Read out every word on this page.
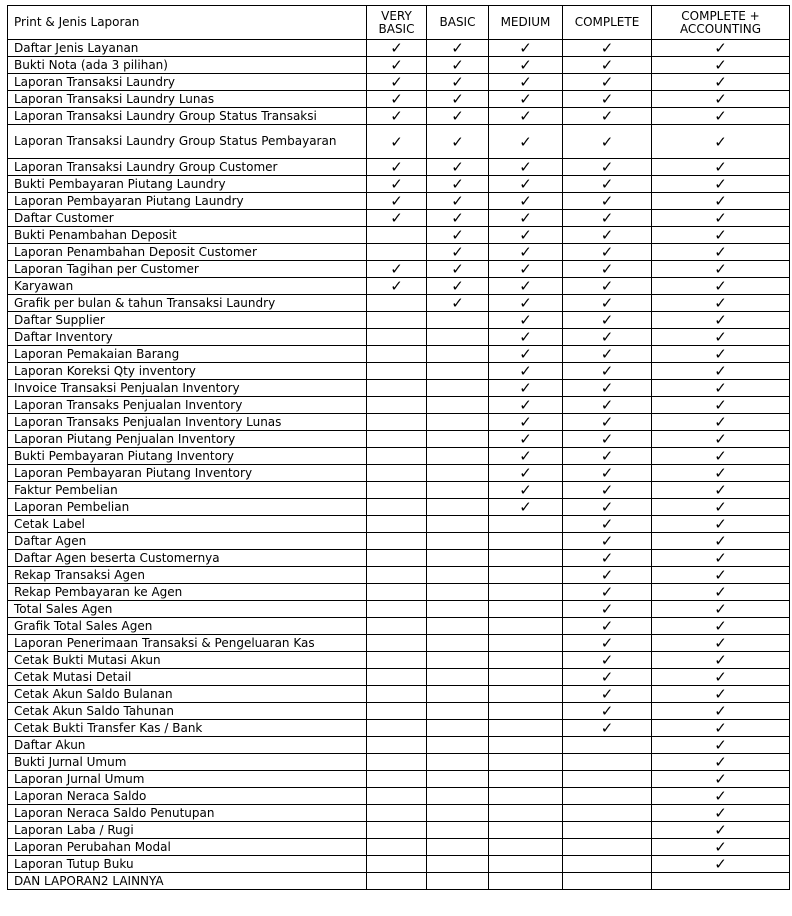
Print & Jenis Laporan	VERY BASIC	BASIC	MEDIUM	COMPLETE	COMPLETE + ACCOUNTING
Daftar Jenis Layanan	✓	✓	✓	✓	✓
Bukti Nota (ada 3 pilihan)	✓	✓	✓	✓	✓
Laporan Transaksi Laundry	✓	✓	✓	✓	✓
Laporan Transaksi Laundry Lunas	✓	✓	✓	✓	✓
Laporan Transaksi Laundry Group Status Transaksi	✓	✓	✓	✓	✓
Laporan Transaksi Laundry Group Status Pembayaran	✓	✓	✓	✓	✓
Laporan Transaksi Laundry Group Customer	✓	✓	✓	✓	✓
Bukti Pembayaran Piutang Laundry	✓	✓	✓	✓	✓
Laporan Pembayaran Piutang Laundry	✓	✓	✓	✓	✓
Daftar Customer	✓	✓	✓	✓	✓
Bukti Penambahan Deposit		✓	✓	✓	✓
Laporan Penambahan Deposit Customer		✓	✓	✓	✓
Laporan Tagihan per Customer	✓	✓	✓	✓	✓
Karyawan	✓	✓	✓	✓	✓
Grafik per bulan & tahun Transaksi Laundry		✓	✓	✓	✓
Daftar Supplier			✓	✓	✓
Daftar Inventory			✓	✓	✓
Laporan Pemakaian Barang			✓	✓	✓
Laporan Koreksi Qty inventory			✓	✓	✓
Invoice Transaksi Penjualan Inventory			✓	✓	✓
Laporan Transaks Penjualan Inventory			✓	✓	✓
Laporan Transaks Penjualan Inventory Lunas			✓	✓	✓
Laporan Piutang Penjualan Inventory			✓	✓	✓
Bukti Pembayaran Piutang Inventory			✓	✓	✓
Laporan Pembayaran Piutang Inventory			✓	✓	✓
Faktur Pembelian			✓	✓	✓
Laporan Pembelian			✓	✓	✓
Cetak Label				✓	✓
Daftar Agen				✓	✓
Daftar Agen beserta Customernya				✓	✓
Rekap Transaksi Agen				✓	✓
Rekap Pembayaran ke Agen				✓	✓
Total Sales Agen				✓	✓
Grafik Total Sales Agen				✓	✓
Laporan Penerimaan Transaksi & Pengeluaran Kas				✓	✓
Cetak Bukti Mutasi Akun				✓	✓
Cetak Mutasi Detail				✓	✓
Cetak Akun Saldo Bulanan				✓	✓
Cetak Akun Saldo Tahunan				✓	✓
Cetak Bukti Transfer Kas / Bank				✓	✓
Daftar Akun					✓
Bukti Jurnal Umum					✓
Laporan Jurnal Umum					✓
Laporan Neraca Saldo					✓
Laporan Neraca Saldo Penutupan					✓
Laporan Laba / Rugi					✓
Laporan Perubahan Modal					✓
Laporan Tutup Buku					✓
DAN LAPORAN2 LAINNYA					
